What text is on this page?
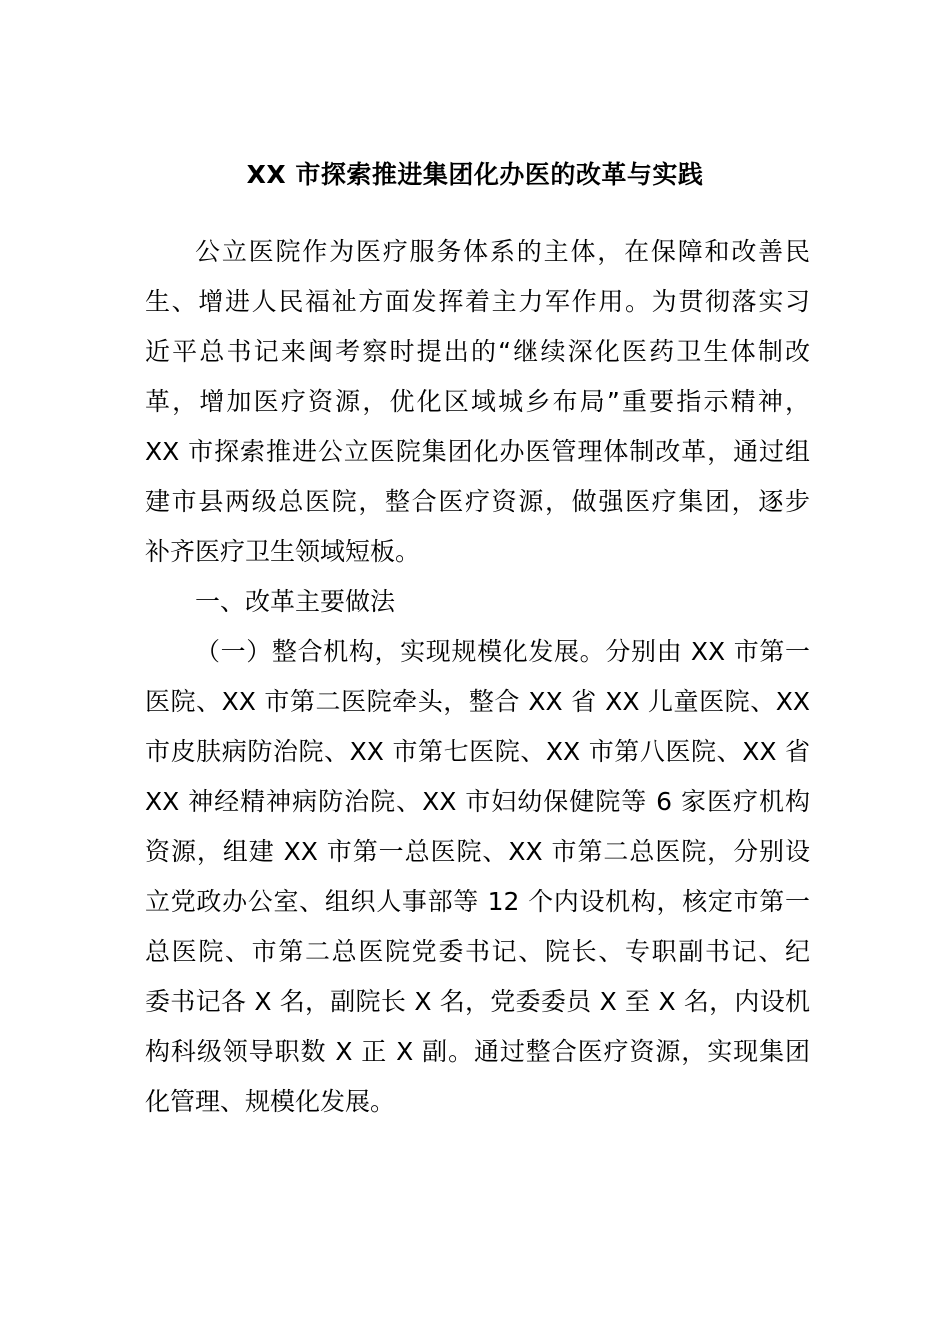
XX 市探索推进集团化办医的改革与实践
公立医院作为医疗服务体系的主体，在保障和改善民
生、增进人民福祉方面发挥着主力军作用。为贯彻落实习
近平总书记来闽考察时提出的“继续深化医药卫生体制改
革，增加医疗资源，优化区域城乡布局”重要指示精神，
XX 市探索推进公立医院集团化办医管理体制改革，通过组
建市县两级总医院，整合医疗资源，做强医疗集团，逐步
补齐医疗卫生领域短板。
一、改革主要做法
（一）整合机构，实现规模化发展。分别由 XX 市第一
医院、XX 市第二医院牵头，整合 XX 省 XX 儿童医院、XX
市皮肤病防治院、XX 市第七医院、XX 市第八医院、XX 省
XX 神经精神病防治院、XX 市妇幼保健院等 6 家医疗机构
资源，组建 XX 市第一总医院、XX 市第二总医院，分别设
立党政办公室、组织人事部等 12 个内设机构，核定市第一
总医院、市第二总医院党委书记、院长、专职副书记、纪
委书记各 X 名，副院长 X 名，党委委员 X 至 X 名，内设机
构科级领导职数 X 正 X 副。通过整合医疗资源，实现集团
化管理、规模化发展。
